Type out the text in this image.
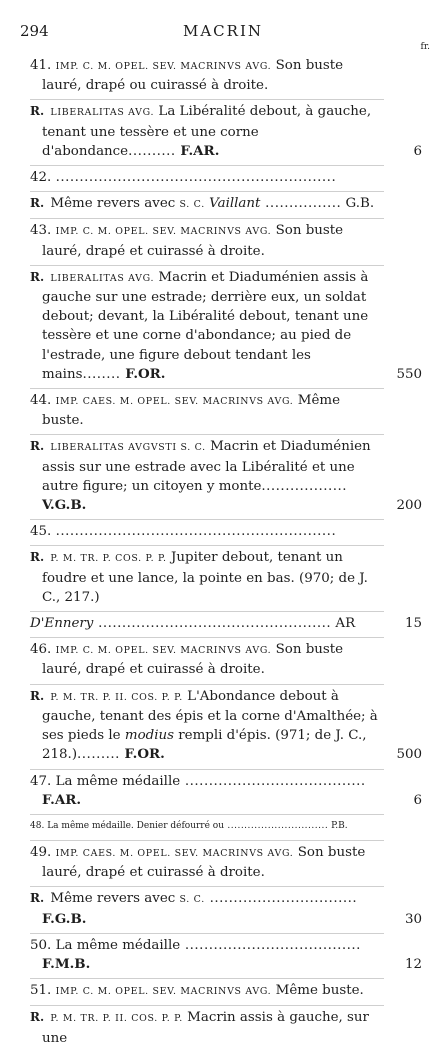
294	MACRIN
fr.
41. IMP. C. M. OPEL. SEV. MACRINVS AVG. Son buste lauré, drapé ou cuirassé à droite.
R. LIBERALITAS AVG. La Libéralité debout, à gauche, tenant une tessère et une corne d'abondance.......... F.AR.	6
42. ...........................................................
R. Même revers avec S. C. Vaillant ................ G.B.
43. IMP. C. M. OPEL. SEV. MACRINVS AVG. Son buste lauré, drapé et cuirassé à droite.
R. LIBERALITAS AVG. Macrin et Diaduménien assis à gauche sur une estrade; derrière eux, un soldat debout; devant, la Libéralité debout, tenant une tessère et une corne d'abondance; au pied de l'estrade, une figure debout tendant les mains........ F.OR.	550
44. IMP. CAES. M. OPEL. SEV. MACRINVS AVG. Même buste.
R. LIBERALITAS AVGVSTI S. C. Macrin et Diaduménien assis sur une estrade avec la Libéralité et une autre figure; un citoyen y monte.................. V.G.B.	200
45. ...........................................................
R. P. M. TR. P. COS. P. P. Jupiter debout, tenant un foudre et une lance, la pointe en bas. (970; de J. C., 217.)
D'Ennery ................................................. AR	15
46. IMP. C. M. OPEL. SEV. MACRINVS AVG. Son buste lauré, drapé et cuirassé à droite.
R. P. M. TR. P. II. COS. P. P. L'Abondance debout à gauche, tenant des épis et la corne d'Amalthée; à ses pieds le modius rempli d'épis. (971; de J. C., 218.)......... F.OR.	500
47. La même médaille ...................................... F.AR.	6
48. La même médaille. Denier défourré ou .............................. P.B.
49. IMP. CAES. M. OPEL. SEV. MACRINVS AVG. Son buste lauré, drapé et cuirassé à droite.
R. Même revers avec S. C. ............................... F.G.B.	30
50. La même médaille ..................................... F.M.B.	12
51. IMP. C. M. OPEL. SEV. MACRINVS AVG. Même buste.
R. P. M. TR. P. II. COS. P. P. Macrin assis à gauche, sur une
